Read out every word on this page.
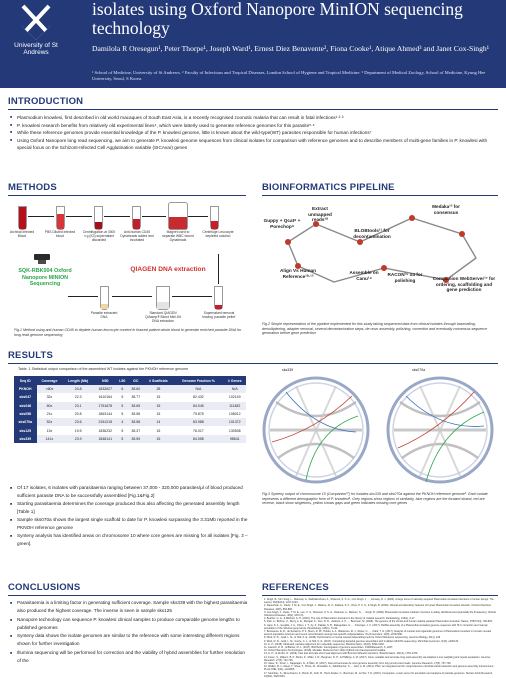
University of St Andrews
isolates using Oxford Nanopore MinION sequencing technology
Damilola R Oresegun¹, Peter Thorpe¹, Joseph Ward¹, Ernest Diez Benavente², Fiona Cooke¹, Atique Ahmed³ and Janet Cox-Singh¹
¹ School of Medicine, University of St Andrews. ² Faculty of Infectious and Tropical Diseases, London School of Hygiene and Tropical Medicine. ³ Department of Medical Zoology, School of Medicine, Kyung Hee University, Seoul, S Korea.
INTRODUCTION
■ Plasmodium knowlesi, first described in old world macaques of South East Asia, is a recently recognised zoonotic malaria that can result in fatal infections¹·²·³
■ P. knowlesi research benefits from relatively old experimental lines⁴, which were latterly used to generate reference genomes for this parasite⁵·⁶
■ While these reference genomes provide essential knowledge of the P. knowlesi genome, little is known about the wild-type(WT) parasites responsible for human infections⁷
■ Using Oxford Nanopore long read sequencing, we aim to generate P. knowlesi genome sequences from clinical isolates for comparison with reference genomes and to describe members of multi-gene families in P. knowlesi with special focus on the Schizont-Infected Cell Agglutination variable (SICAvar) genes
METHODS
Archival Infected Blood
PBS Diluted infected blood
Centrifugation at 3000 x g (K3) supernatant discarded
Anti-human CD45 Dynabeads added and incubated
Magnet used to separate WBC bound Dynabeads
Centrifuge Leucocyte depleted solution
SQK-RBK004 Oxford Nanopore MINION Sequencing
QIAGEN DNA extraction
Parasite extracted DNA
Standard QIAGEN QIAamp® Blood Mini-Kit DNA extraction
Supernatant removal leaving 'parasite pellet'
Fig.1 Method using anti-human CD45 to deplete human leucocyte content in thawed patient whole blood to generate enriched parasite DNA for long read genome sequencing
BIOINFORMATICS PIPELINE
Guppy + Qcat⁸ + Porechop⁹
Extract unmapped reads¹⁰
BLOBtools¹¹ for decontamination
Medaka¹² for consensus
Align Vs Human Reference¹⁰·¹³
Assemble on Canu¹⁴
RACON¹⁵ x4 for polishing	Companion WebServer¹⁷ for ordering, scaffolding and gene prediction
Fig.2 Simple representation of the pipeline implemented for this study taking sequenced data from clinical isolates through basecalling, demultiplexing, adapter removal, several decontamination steps, de novo assembly, polishing, correction and eventually consensus sequence generation before gene prediction
RESULTS
Table. 1 Statistical output comparison of the assembled WT isolates against the PKNOH reference genome
Seq ID	Coverage	Length (Mb)	N50	L50	GC	# Scaffolds	Genome Fraction %	# Genes
PKNOH	<60x	24.8	1832627	6	38.60	28	N/A	N/A
sks047	32x	22.3	1610164	5	38.77	15	82.432	102149
sks048	60x	23.1	1751678	5	38.65	15	84.045	111482
sks058	21x	20.8	1863144	5	38.58	15	79.875	108012
sks070a	52x	23.6	2151215	4	38.58	14	83.988	101372
sks125	13x	19.5	1836232	5	38.37	15	76.017	130538
sks339	141x	23.9	1848141	5	38.59	15	84.058	98641
■ Of 17 isolates, 6 isolates with parasitaemia ranging between 37,000 - 320,000 parasites/μl of blood produced sufficient parasite DNA to be successfully assembled [Fig.1&Fig.2]
■ Starting parasitaemia determines the coverage produced thus also affecting the generated assembly length [Table 1]
■ Sample sks070a shows the largest single scaffold to date for P. knowlesi surpassing the 3.31Mb reported in the PKNOH reference genome
■ Synteny analysis has identified areas on chromosome 10 where core genes are missing for all isolates [Fig. 3 – green].
sks339	sks070a
Fig.3 Synteny output of chromosome 10 (Companion¹⁷) for isolates sks339 and sks070a against the PKNOH reference genome⁶. Each isolate represents a different demographic form of P. knowlesi⁸. Grey regions show regions of similarity, blue regions are the forward strand, red are reverse, black show singletons, yellow shows gaps and green indicates missing core genes
CONCLUSIONS
■ Parasitaemia is a limiting factor in generating sufficient coverage. Sample sks339 with the highest parasitaemia also produced the highest coverage. The inverse is seen in sample sks125
■ Nanopore technology can sequence P. knowlesi clinical samples to produce comparable genome lengths to published genomes
■ Synteny data shows the isolate genomes are similar to the reference with some interesting different regions shown for further investigation
■ Illumina sequencing will be performed for correction and the viability of hybrid assemblies for further resolution of the
REFERENCES
1. Singh, B., Kim Sung, L., Matusop, A., Radhakrishnan, A., Shamsul, S. S. G., Cox-Singh, J., ... Conway, D. J. (2004). A large focus of naturally acquired Plasmodium knowlesi infections in human beings. The Lancet, 363(9414), 1017-1024.
2. Daneshvar, C., Davis, T. M. E., Cox-Singh, J., Rafa'ee, M. Z., Zakaria, S. K., Divis, P. C. S., & Singh, B. (2009). Clinical and laboratory features of human Plasmodium knowlesi infection. Clinical Infectious Diseases, 49(6), 852-860.
3. Cox-Singh, J., Davis, T. M. E., Lee, K. S., Shamsul, S. S. G., Matusop, A., Ratnam, S., ... Singh, B. (2008). Plasmodium knowlesi malaria in humans is widely distributed and potentially life threatening. Clinical Infectious Diseases, 46(2), 165-171.
4. Butcher, G. A., & Mitchell, G. H. (2016). The role of Plasmodium knowlesi in the history of malaria research. Parasitology, 145(1), 6-17.
5. Pain, A., Böhme, U., Berry, A. E., Mungall, K., Finn, R. D., Jackson, A. P., ... Berriman, M. (2008). The genome of the simian and human malaria parasite Plasmodium knowlesi. Nature, 455(7214), 799-803.
6. Lapp, S. A., Geraldo, J. A., Chien, J. T., Ay, F., Pakala, S. B., Batugedara, G., ... Kissinger, J. C. (2017). PacBio assembly of a Plasmodium knowlesi genome sequence with Hi-C correction and manual annotation of the SICAvar gene family. Parasitology, 145(1), 71-84.
7. Benavente, E. D., de Sessions, P. F., Moon, R. W., Holder, A. A., Blackman, M. J., Roper, C., ... Clark, T. G. (2017). Analysis of nuclear and organellar genomes of Plasmodium knowlesi in humans reveals ancient population structure and recent recombination among host-specific subpopulations. PLoS Genetics, 13(9), e1007008.
8. Wick, R. R., Judd, L. M., & Holt, K. E. (2019). Performance of neural network basecalling tools for Oxford Nanopore sequencing. Genome Biology, 20(1), 129.
9. Wick, R. R., Judd, L. M., Gorrie, C. L., & Holt, K. E. (2017). Completing bacterial genome assemblies with multiplex MinION sequencing. Microbial Genomics, 3(10), e000132.
10. Li, H. (2018). Minimap2: pairwise alignment for nucleotide sequences. Bioinformatics, 34(18), 3094-3100.
11. Laetsch, D. R., & Blaxter, M. L. (2017). BlobTools: Interrogation of genome assemblies. F1000Research, 6, 1287.
12. Oxford Nanopore Technologies. (2018). Medaka. Retrieved from https://github.com/nanoporetech/medaka
13. Li, H., & Durbin, R. (2009). Fast and accurate short read alignment with Burrows-Wheeler transform. Bioinformatics, 25(14), 1754-1760.
14. Koren, S., Walenz, B. P., Berlin, K., Miller, J. R., Bergman, N. H., & Phillippy, A. M. (2017). Canu: scalable and accurate long-read assembly via adaptive k-mer weighting and repeat separation. Genome Research, 27(5), 722-736.
15. Vaser, R., Sović, I., Nagarajan, N., & Šikić, M. (2017). Fast and accurate de novo genome assembly from long uncorrected reads. Genome Research, 27(5), 737-746.
16. Walker, B. J., Abeel, T., Shea, T., Priest, M., Abouelliel, A., Sakthikumar, S., ... Earl, A. M. (2014). Pilon: an integrated tool for comprehensive microbial variant detection and genome assembly improvement. PLoS ONE, 9(11), e112963.
17. Steinbiss, S., Silva-Franco, F., Brunk, B., Foth, B., Hertz-Fowler, C., Berriman, M., & Otto, T. D. (2016). Companion: a web server for annotation and analysis of parasite genomes. Nucleic Acids Research, 44(W1), W29-W34.
